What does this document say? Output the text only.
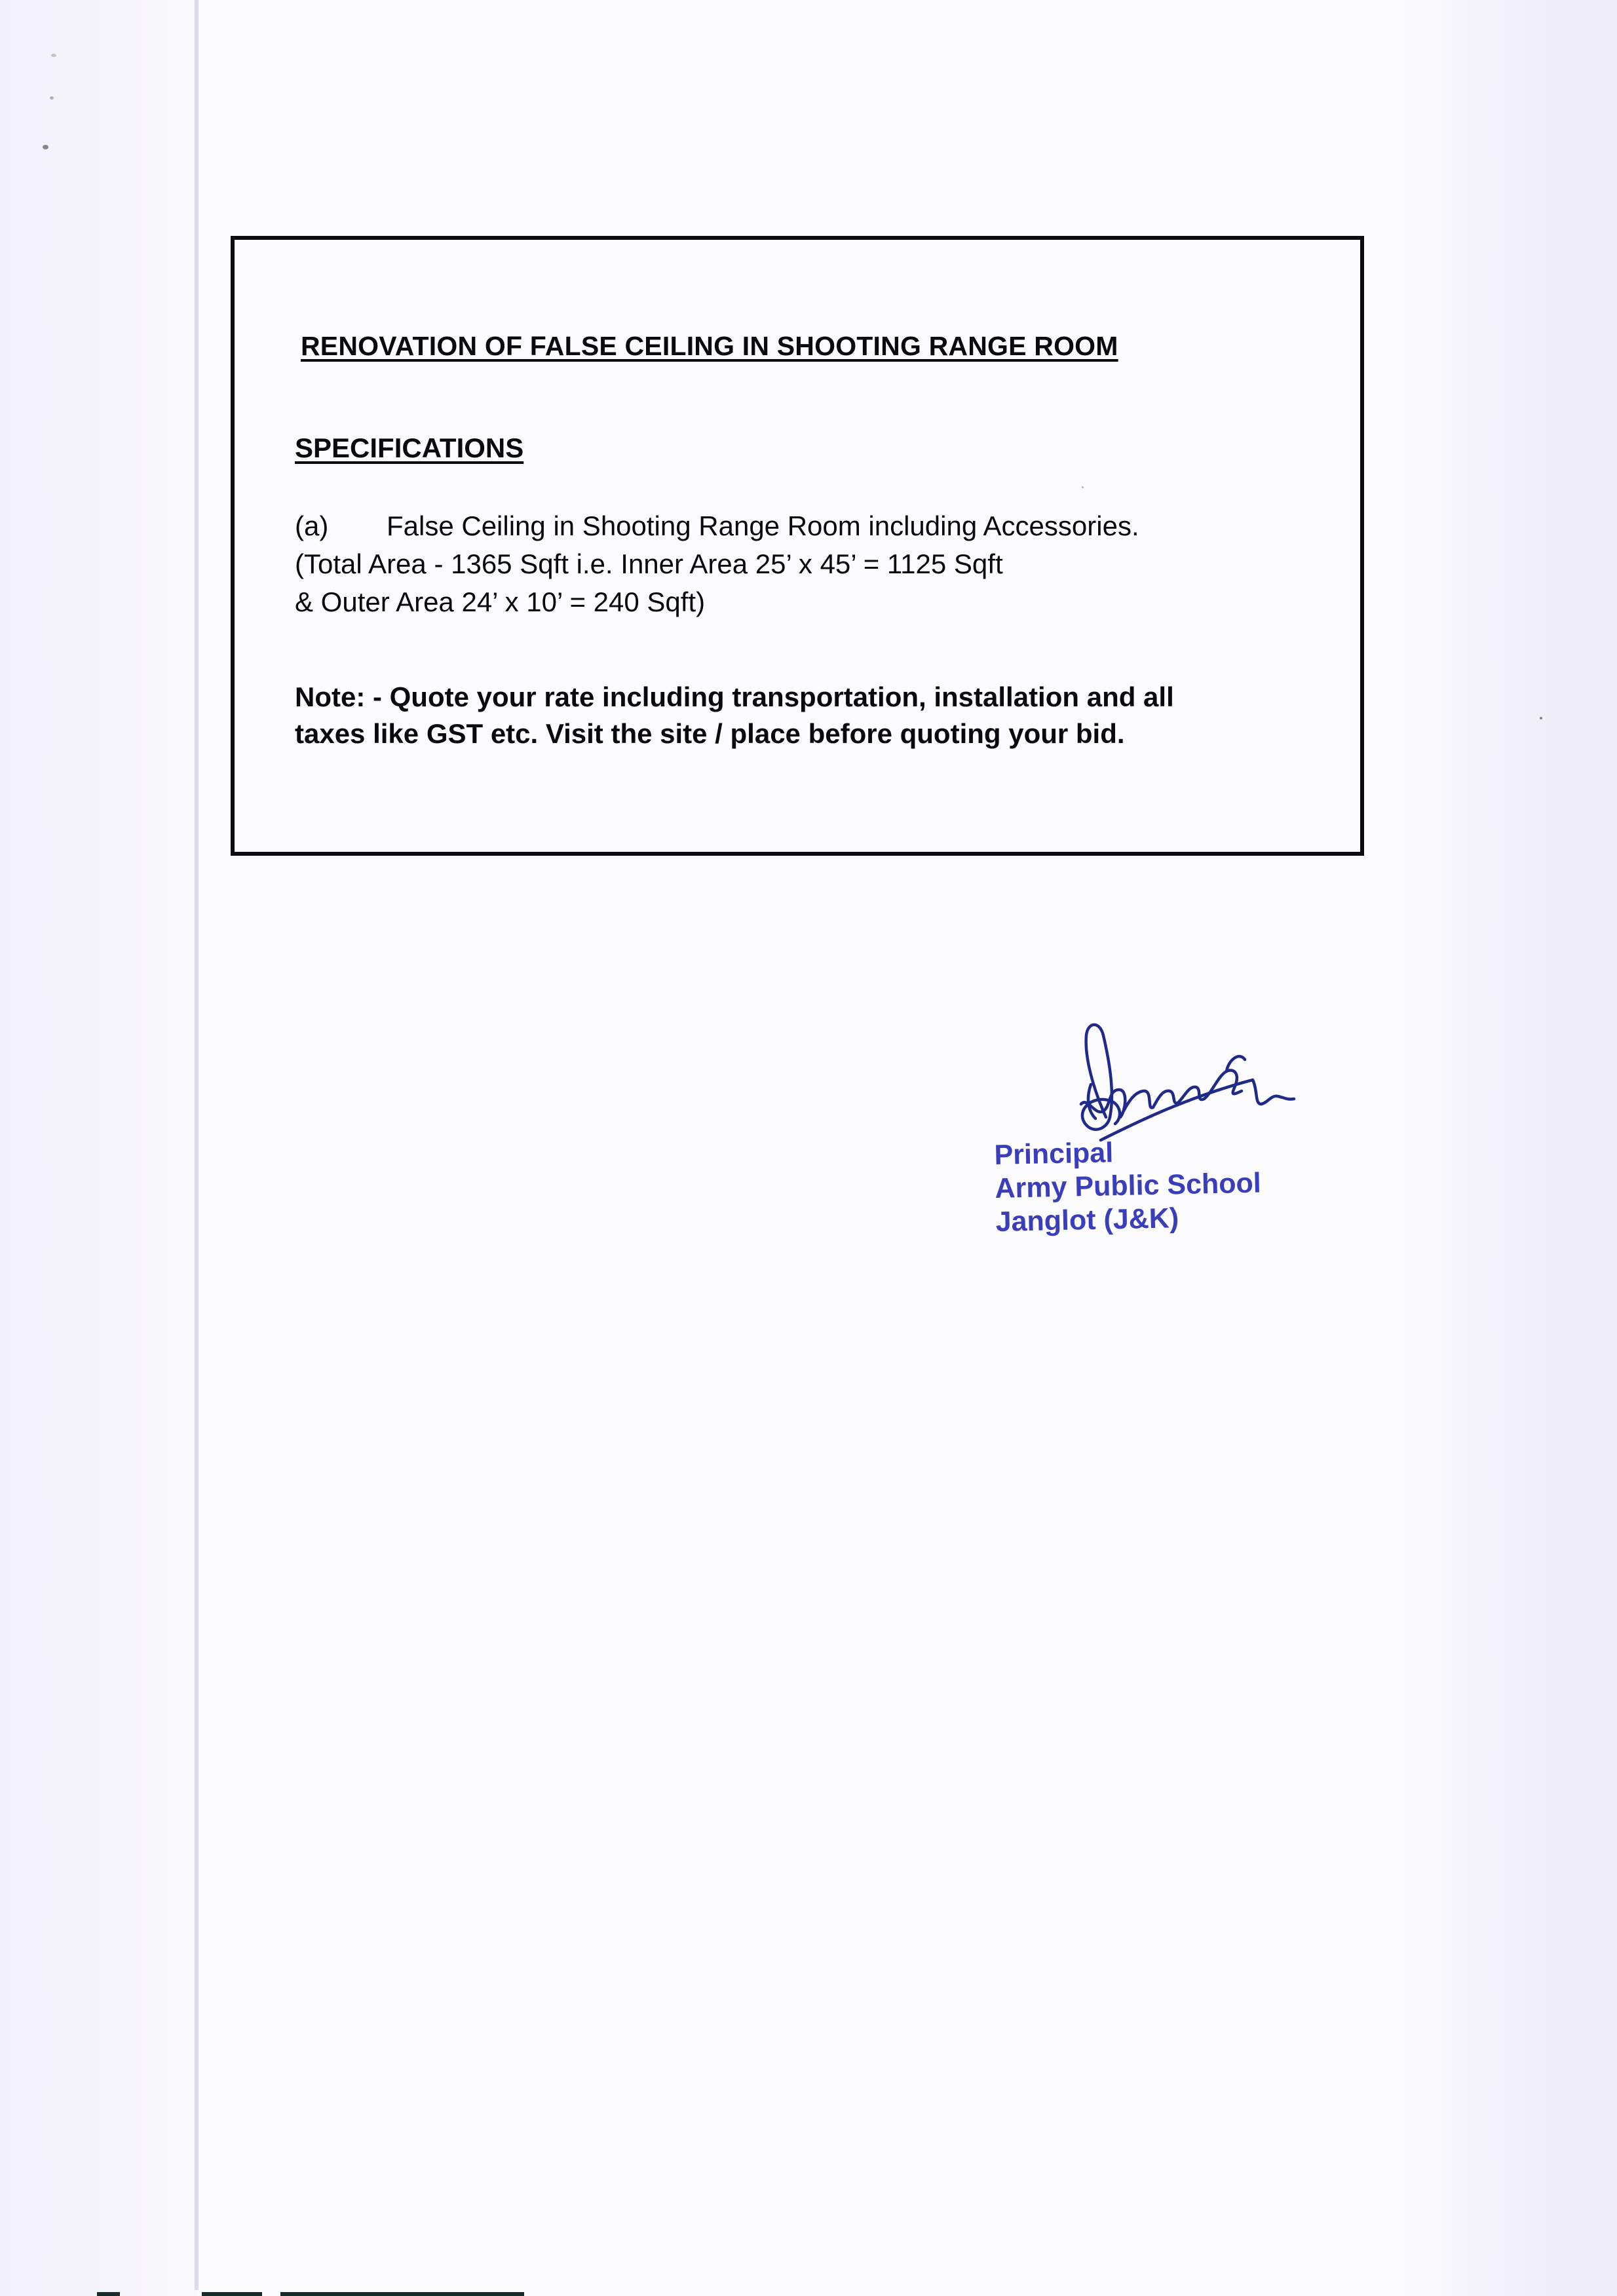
RENOVATION OF FALSE CEILING IN SHOOTING RANGE ROOM
SPECIFICATIONS
(a) False Ceiling in Shooting Range Room including Accessories.
(Total Area - 1365 Sqft i.e. Inner Area 25’ x 45’ = 1125 Sqft
& Outer Area 24’ x 10’ = 240 Sqft)
Note: - Quote your rate including transportation, installation and all
taxes like GST etc. Visit the site / place before quoting your bid.
Principal
Army Public School
Janglot (J&K)
